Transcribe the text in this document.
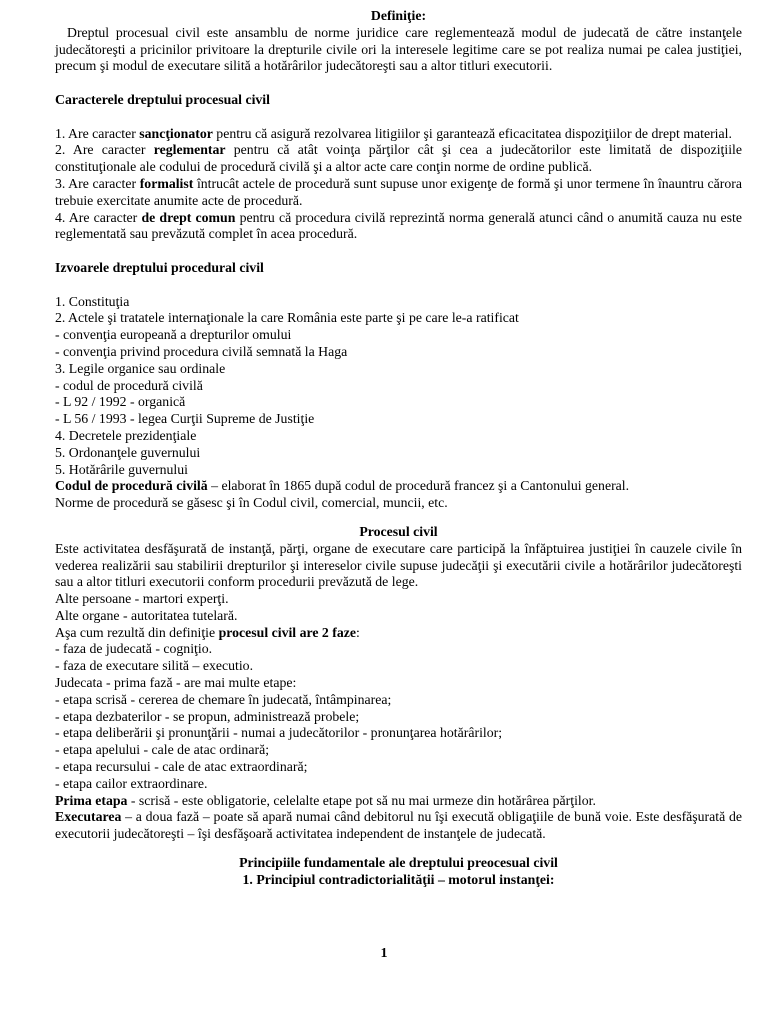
Definiţie:

Dreptul procesual civil este ansamblu de norme juridice care reglementează modul de judecată de către instanţele judecătoreşti a pricinilor privitoare la drepturile civile ori la interesele legitime care se pot realiza numai pe calea justiţiei, precum şi modul de executare silită a hotărârilor judecătoreşti sau a altor titluri executorii.

Caracterele dreptului procesual civil

1. Are caracter sancţionator pentru că asigură rezolvarea litigiilor şi garantează eficacitatea dispoziţiilor de drept material.

2. Are caracter reglementar pentru că atât voinţa părţilor cât şi cea a judecătorilor este limitată de dispoziţiile constituţionale ale codului de procedură civilă şi a altor acte care conţin norme de ordine publică.

3. Are caracter formalist întrucât actele de procedură sunt supuse unor exigenţe de formă şi unor termene în înauntru cărora trebuie exercitate anumite acte de procedură.

4. Are caracter de drept comun pentru că procedura civilă reprezintă norma generală atunci când o anumită cauza nu este reglementată sau prevăzută complet în acea procedură.

Izvoarele dreptului procedural civil

1. Constituţia

2. Actele şi tratatele internaţionale la care România este parte şi pe care le-a ratificat

- convenţia europeană a drepturilor omului

- convenţia privind procedura civilă semnată la Haga

3. Legile organice sau ordinale

- codul de procedură civilă

- L 92 / 1992 - organică

- L 56 / 1993 - legea Curţii Supreme de Justiţie

4. Decretele prezidenţiale

5. Ordonanţele guvernului

5. Hotărârile guvernului

Codul de procedură civilă – elaborat în 1865 după codul de procedură francez şi a Cantonului general.

Norme de procedură se găsesc şi în Codul civil, comercial, muncii, etc.

Procesul civil

Este activitatea desfăşurată de instanţă, părţi, organe de executare care participă la înfăptuirea justiţiei în cauzele civile în vederea realizării sau stabilirii drepturilor şi intereselor civile supuse judecăţii şi executării civile a hotărârilor judecătoreşti sau a altor titluri executorii conform procedurii prevăzută de lege.

Alte persoane - martori experţi.

Alte organe - autoritatea tutelară.

Aşa cum rezultă din definiţie procesul civil are 2 faze:

- faza de judecată - cogniţio.

- faza de executare silită – executio.

Judecata - prima fază - are mai multe etape:

- etapa scrisă - cererea de chemare în judecată, întâmpinarea;

- etapa dezbaterilor - se propun, administrează probele;

- etapa deliberării şi pronunţării - numai a judecătorilor - pronunţarea hotărârilor;

- etapa apelului - cale de atac ordinară;

- etapa recursului - cale de atac extraordinară;

- etapa cailor extraordinare.

Prima etapa - scrisă - este obligatorie, celelalte etape pot să nu mai urmeze din hotărârea părţilor.

Executarea – a doua fază – poate să apară numai când debitorul nu îşi execută obligaţiile de bună voie. Este desfăşurată de executorii judecătoreşti – îşi desfăşoară activitatea independent de instanţele de judecată.

Principiile fundamentale ale dreptului preocesual civil

1. Principiul contradictorialităţii – motorul instanţei:

1
